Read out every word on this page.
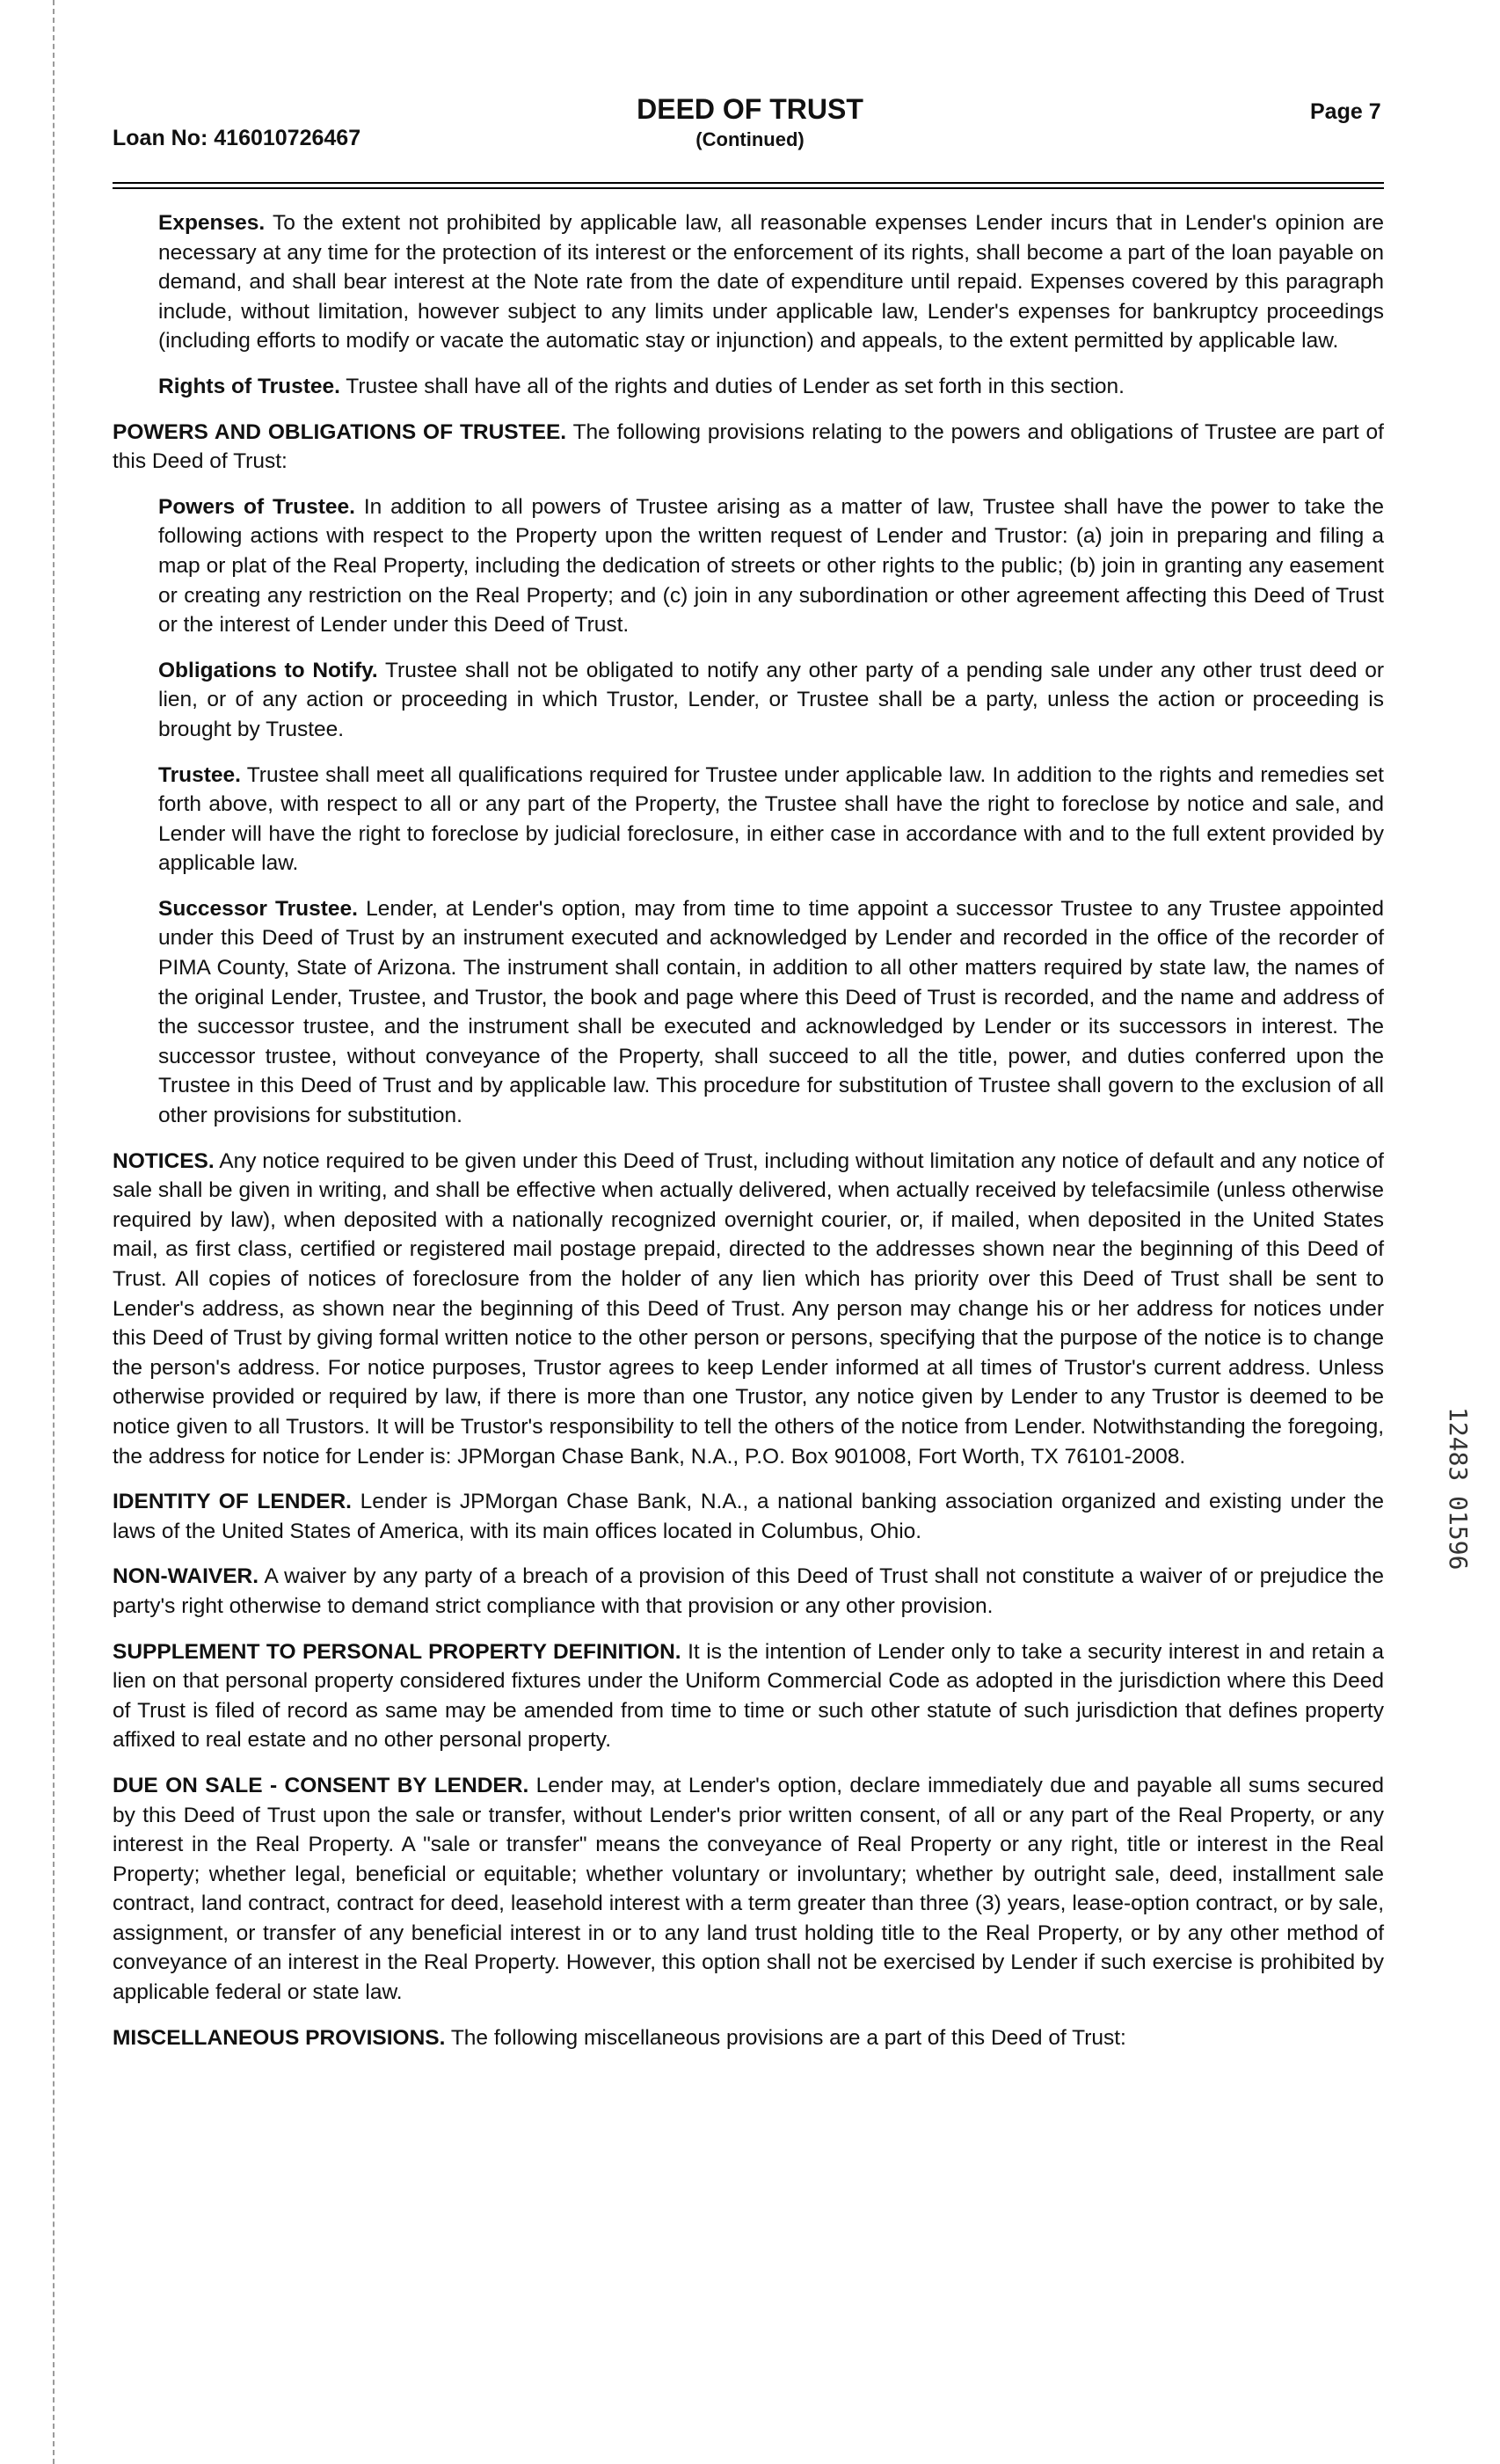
Loan No: 416010726467
DEED OF TRUST
(Continued)
Page 7

Expenses. To the extent not prohibited by applicable law, all reasonable expenses Lender incurs that in Lender's opinion are necessary at any time for the protection of its interest or the enforcement of its rights, shall become a part of the loan payable on demand, and shall bear interest at the Note rate from the date of expenditure until repaid. Expenses covered by this paragraph include, without limitation, however subject to any limits under applicable law, Lender's expenses for bankruptcy proceedings (including efforts to modify or vacate the automatic stay or injunction) and appeals, to the extent permitted by applicable law.

Rights of Trustee. Trustee shall have all of the rights and duties of Lender as set forth in this section.

POWERS AND OBLIGATIONS OF TRUSTEE. The following provisions relating to the powers and obligations of Trustee are part of this Deed of Trust:

Powers of Trustee. In addition to all powers of Trustee arising as a matter of law, Trustee shall have the power to take the following actions with respect to the Property upon the written request of Lender and Trustor: (a) join in preparing and filing a map or plat of the Real Property, including the dedication of streets or other rights to the public; (b) join in granting any easement or creating any restriction on the Real Property; and (c) join in any subordination or other agreement affecting this Deed of Trust or the interest of Lender under this Deed of Trust.

Obligations to Notify. Trustee shall not be obligated to notify any other party of a pending sale under any other trust deed or lien, or of any action or proceeding in which Trustor, Lender, or Trustee shall be a party, unless the action or proceeding is brought by Trustee.

Trustee. Trustee shall meet all qualifications required for Trustee under applicable law. In addition to the rights and remedies set forth above, with respect to all or any part of the Property, the Trustee shall have the right to foreclose by notice and sale, and Lender will have the right to foreclose by judicial foreclosure, in either case in accordance with and to the full extent provided by applicable law.

Successor Trustee. Lender, at Lender's option, may from time to time appoint a successor Trustee to any Trustee appointed under this Deed of Trust by an instrument executed and acknowledged by Lender and recorded in the office of the recorder of PIMA County, State of Arizona. The instrument shall contain, in addition to all other matters required by state law, the names of the original Lender, Trustee, and Trustor, the book and page where this Deed of Trust is recorded, and the name and address of the successor trustee, and the instrument shall be executed and acknowledged by Lender or its successors in interest. The successor trustee, without conveyance of the Property, shall succeed to all the title, power, and duties conferred upon the Trustee in this Deed of Trust and by applicable law. This procedure for substitution of Trustee shall govern to the exclusion of all other provisions for substitution.

NOTICES. Any notice required to be given under this Deed of Trust, including without limitation any notice of default and any notice of sale shall be given in writing, and shall be effective when actually delivered, when actually received by telefacsimile (unless otherwise required by law), when deposited with a nationally recognized overnight courier, or, if mailed, when deposited in the United States mail, as first class, certified or registered mail postage prepaid, directed to the addresses shown near the beginning of this Deed of Trust. All copies of notices of foreclosure from the holder of any lien which has priority over this Deed of Trust shall be sent to Lender's address, as shown near the beginning of this Deed of Trust. Any person may change his or her address for notices under this Deed of Trust by giving formal written notice to the other person or persons, specifying that the purpose of the notice is to change the person's address. For notice purposes, Trustor agrees to keep Lender informed at all times of Trustor's current address. Unless otherwise provided or required by law, if there is more than one Trustor, any notice given by Lender to any Trustor is deemed to be notice given to all Trustors. It will be Trustor's responsibility to tell the others of the notice from Lender. Notwithstanding the foregoing, the address for notice for Lender is: JPMorgan Chase Bank, N.A., P.O. Box 901008, Fort Worth, TX 76101-2008.

IDENTITY OF LENDER. Lender is JPMorgan Chase Bank, N.A., a national banking association organized and existing under the laws of the United States of America, with its main offices located in Columbus, Ohio.

NON-WAIVER. A waiver by any party of a breach of a provision of this Deed of Trust shall not constitute a waiver of or prejudice the party's right otherwise to demand strict compliance with that provision or any other provision.

SUPPLEMENT TO PERSONAL PROPERTY DEFINITION. It is the intention of Lender only to take a security interest in and retain a lien on that personal property considered fixtures under the Uniform Commercial Code as adopted in the jurisdiction where this Deed of Trust is filed of record as same may be amended from time to time or such other statute of such jurisdiction that defines property affixed to real estate and no other personal property.

DUE ON SALE - CONSENT BY LENDER. Lender may, at Lender's option, declare immediately due and payable all sums secured by this Deed of Trust upon the sale or transfer, without Lender's prior written consent, of all or any part of the Real Property, or any interest in the Real Property. A "sale or transfer" means the conveyance of Real Property or any right, title or interest in the Real Property; whether legal, beneficial or equitable; whether voluntary or involuntary; whether by outright sale, deed, installment sale contract, land contract, contract for deed, leasehold interest with a term greater than three (3) years, lease-option contract, or by sale, assignment, or transfer of any beneficial interest in or to any land trust holding title to the Real Property, or by any other method of conveyance of an interest in the Real Property. However, this option shall not be exercised by Lender if such exercise is prohibited by applicable federal or state law.

MISCELLANEOUS PROVISIONS. The following miscellaneous provisions are a part of this Deed of Trust:

12483 01596
